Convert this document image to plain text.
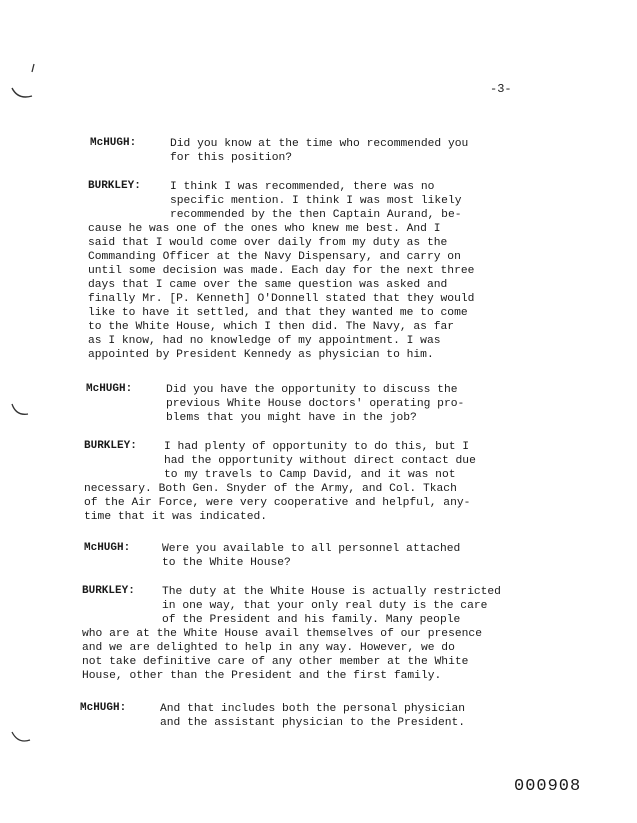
-3-
McHUGH:	Did you know at the time who recommended you
for this position?
BURKLEY:	I think I was recommended, there was no
specific mention. I think I was most likely
recommended by the then Captain Aurand, be-
cause he was one of the ones who knew me best. And I
said that I would come over daily from my duty as the
Commanding Officer at the Navy Dispensary, and carry on
until some decision was made. Each day for the next three
days that I came over the same question was asked and
finally Mr. [P. Kenneth] O'Donnell stated that they would
like to have it settled, and that they wanted me to come
to the White House, which I then did. The Navy, as far
as I know, had no knowledge of my appointment. I was
appointed by President Kennedy as physician to him.
McHUGH:	Did you have the opportunity to discuss the
previous White House doctors' operating pro-
blems that you might have in the job?
BURKLEY: I had plenty of opportunity to do this, but I
had the opportunity without direct contact due
to my travels to Camp David, and it was not
necessary. Both Gen. Snyder of the Army, and Col. Tkach
of the Air Force, were very cooperative and helpful, any-
time that it was indicated.
McHUGH:	Were you available to all personnel attached
to the White House?
BURKLEY: The duty at the White House is actually restricted
in one way, that your only real duty is the care
of the President and his family. Many people
who are at the White House avail themselves of our presence
and we are delighted to help in any way. However, we do
not take definitive care of any other member at the White
House, other than the President and the first family.
McHUGH:	And that includes both the personal physician
and the assistant physician to the President.
000908
